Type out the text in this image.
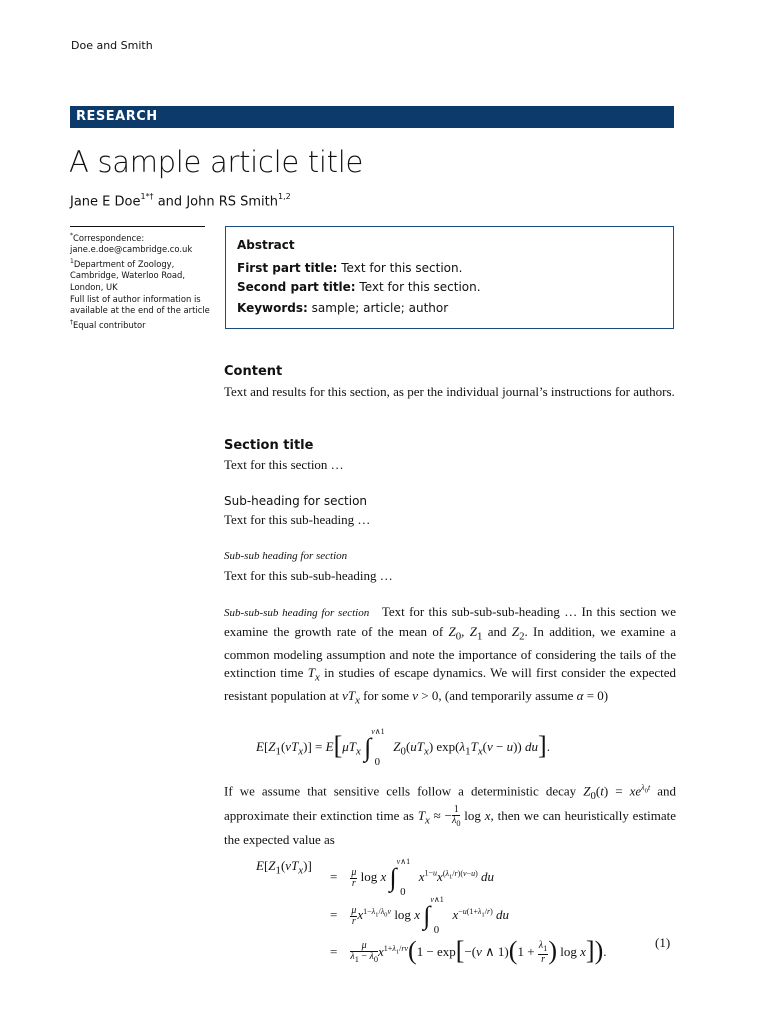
Doe and Smith
RESEARCH
A sample article title
Jane E Doe$^{1*\dagger}$ and John RS Smith$^{1,2}$
*Correspondence:
jane.e.doe@cambridge.co.uk
$^1$Department of Zoology, Cambridge, Waterloo Road, London, UK
Full list of author information is available at the end of the article
†Equal contributor
Abstract
First part title: Text for this section.
Second part title: Text for this section.
Keywords: sample; article; author
Content
Text and results for this section, as per the individual journal’s instructions for authors.
Section title
Text for this section …
Sub-heading for section
Text for this sub-heading …
Sub-sub heading for section
Text for this sub-sub-heading …
Sub-sub-sub heading for section Text for this sub-sub-sub-heading … In this section we examine the growth rate of the mean of $Z_0$, $Z_1$ and $Z_2$. In addition, we examine a common modeling assumption and note the importance of considering the tails of the extinction time $T_x$ in studies of escape dynamics. We will first consider the expected resistant population at $vT_x$ for some v > 0, (and temporarily assume α = 0)
$E[Z_1(vT_x)] = E[\mu T_x$ ∫$^{v\wedge 1}_0$ $Z_0(uT_x) \exp(\lambda_1T_x(v - u))$ du].
If we assume that sensitive cells follow a deterministic decay $Z_0(t) = xe^{\lambda_0t}$ and approximate their extinction time as $T_x$ ≈ − $\frac{1}{\lambda_0}$ log x, then we can heuristically estimate the expected value as
$E[Z_1(vT_x)]$
= $\frac{\mu}{r}$ log x ∫$^{v\wedge 1}_0$ $x^{1-u}x^{(\lambda_1/r)(v-u)}$ du
= $\frac{\mu}{r} x^{1-\lambda_1/\lambda_0v}$ log x ∫$^{v\wedge 1}_0$ $x^{-u(1+\lambda_1/r)}$ du
= $\frac{\mu}{\lambda_1 - \lambda_0} x^{1+\lambda_1/rv}(1 - \exp[-(v$ ∧ $1)(1 + \frac{\lambda_1}{r}$ ) log x]).
(1)
